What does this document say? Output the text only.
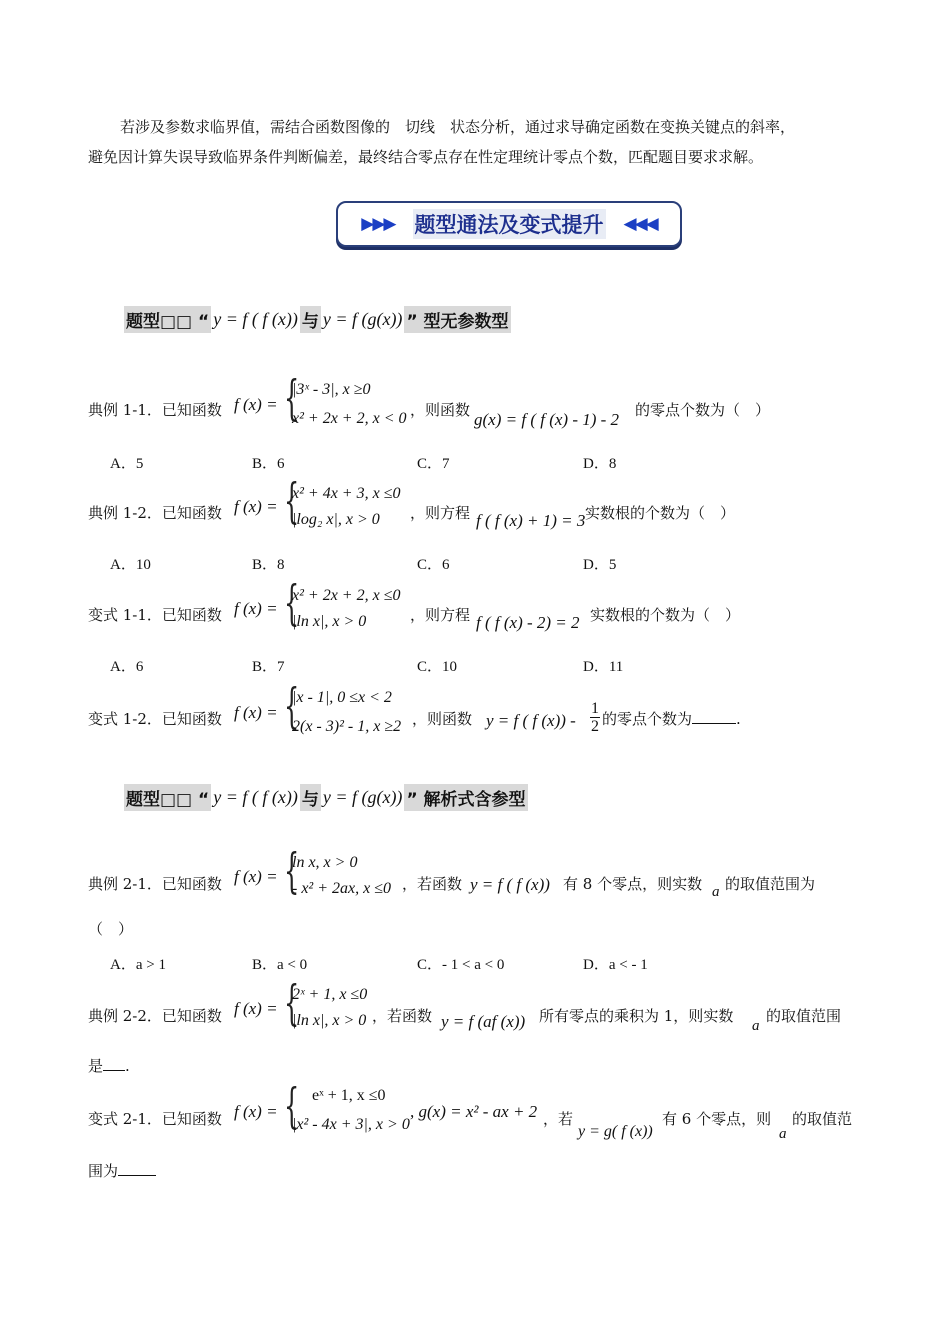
若涉及参数求临界值，需结合函数图像的　切线　状态分析，通过求导确定函数在变换关键点的斜率，
避免因计算失误导致临界条件判断偏差，最终结合零点存在性定理统计零点个数，匹配题目要求求解。
▶▶▶ 题型通法及变式提升 ◀◀◀
题型□□ “ y = f ( f (x)) 与 y = f (g(x)) ” 型无参数型
典例 1-1．已知函数 f (x) = {
|3ˣ - 3|, x ≥0
x² + 2x + 2, x < 0 ，则函数 g(x) = f ( f (x) - 1) - 2 的零点个数为（　）
A．5	B．6	C．7	D．8
典例 1-2．已知函数 f (x) = {
x² + 4x + 3, x ≤0
|log₂ x|, x > 0 ，则方程 f ( f (x) + 1) = 3 实数根的个数为（　）
A．10	B．8	C．6	D．5
变式 1-1．已知函数 f (x) = {
x² + 2x + 2, x ≤0
|ln x|, x > 0	，则方程 f ( f (x) - 2) = 2 实数根的个数为（　）
A．6	B．7	C．10	D．11
变式 1-2．已知函数 f (x) = {
|x - 1|, 0 ≤x < 2
2(x - 3)² - 1, x ≥2 ，则函数 y = f ( f (x)) -
1
2 的零点个数为	.
题型□□ “ y = f ( f (x)) 与 y = f (g(x)) ” 解析式含参型
典例 2-1．已知函数 f (x) = {
ln x, x > 0
- x² + 2ax, x ≤0 ，若函数 y = f ( f (x)) 有 8 个零点，则实数 a 的取值范围为
（　）
A．a > 1	B．a < 0	C．- 1 < a < 0	D．a < - 1
典例 2-2．已知函数 f (x) = {
2ˣ + 1, x ≤0
|ln x|, x > 0 ，若函数 y = f (af (x)) 所有零点的乘积为 1，则实数
a
的取值范围
是 .
变式 2-1．已知函数 f (x) = { eˣ + 1, x ≤0
|x² - 4x + 3|, x > 0
, g(x) = x² - ax + 2 ，若
y = g( f (x))
有 6 个零点，则
a
的取值范
围为
